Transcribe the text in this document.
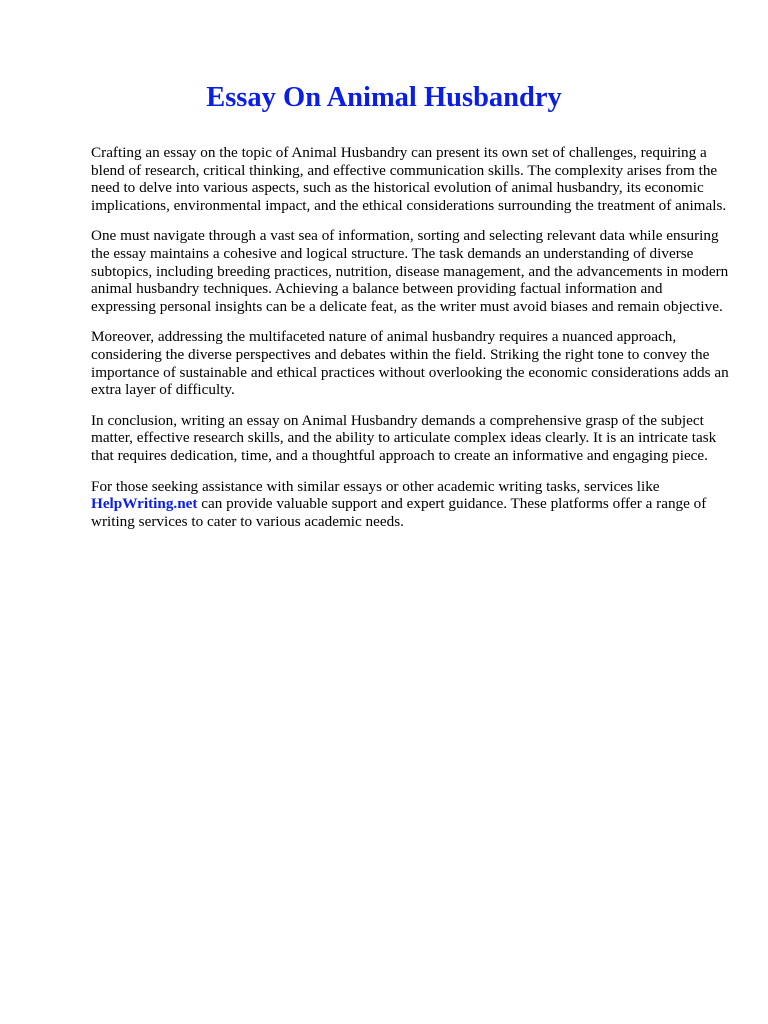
Essay On Animal Husbandry

Crafting an essay on the topic of Animal Husbandry can present its own set of challenges, requiring a blend of research, critical thinking, and effective communication skills. The complexity arises from the need to delve into various aspects, such as the historical evolution of animal husbandry, its economic implications, environmental impact, and the ethical considerations surrounding the treatment of animals.

One must navigate through a vast sea of information, sorting and selecting relevant data while ensuring the essay maintains a cohesive and logical structure. The task demands an understanding of diverse subtopics, including breeding practices, nutrition, disease management, and the advancements in modern animal husbandry techniques. Achieving a balance between providing factual information and expressing personal insights can be a delicate feat, as the writer must avoid biases and remain objective.

Moreover, addressing the multifaceted nature of animal husbandry requires a nuanced approach, considering the diverse perspectives and debates within the field. Striking the right tone to convey the importance of sustainable and ethical practices without overlooking the economic considerations adds an extra layer of difficulty.

In conclusion, writing an essay on Animal Husbandry demands a comprehensive grasp of the subject matter, effective research skills, and the ability to articulate complex ideas clearly. It is an intricate task that requires dedication, time, and a thoughtful approach to create an informative and engaging piece.

For those seeking assistance with similar essays or other academic writing tasks, services like HelpWriting.net can provide valuable support and expert guidance. These platforms offer a range of writing services to cater to various academic needs.
